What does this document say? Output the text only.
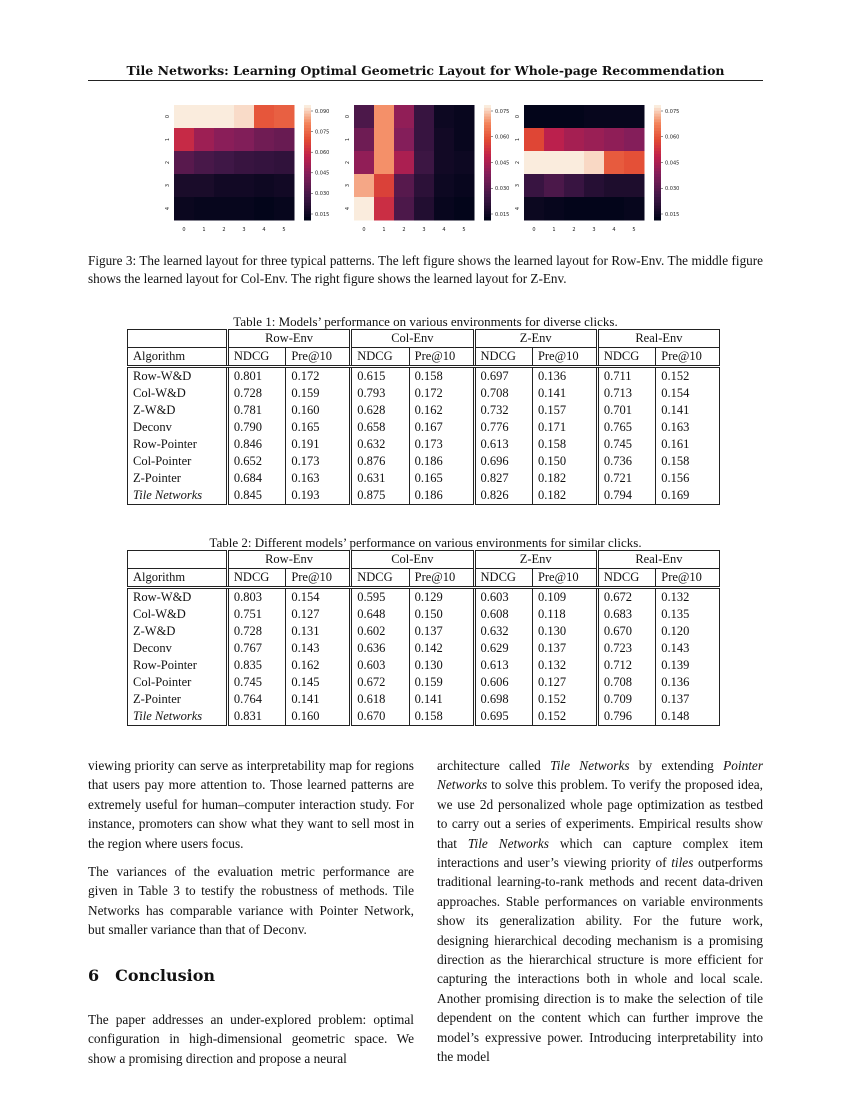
Tile Networks: Learning Optimal Geometric Layout for Whole-page Recommendation
0	1	2	3	4	5
0
1
2
3
4
0.090
0.075
0.060
0.045
0.030
0.015
0	1	2	3	4	5
0
1
2
3
4
0.075
0.060
0.045
0.030
0.015
0	1	2	3	4	5
0
1
2
3
4
0.075
0.060
0.045
0.030
0.015
Figure 3: The learned layout for three typical patterns. The left figure shows the learned layout for Row-Env. The middle figure shows the learned layout for Col-Env. The right figure shows the learned layout for Z-Env.
Table 1: Models’ performance on various environments for diverse clicks.
	Row-Env		Col-Env		Z-Env		Real-Env	
Algorithm	NDCG	Pre@10	NDCG	Pre@10	NDCG	Pre@10	NDCG	Pre@10
Row-W&D	0.801	0.172	0.615	0.158	0.697	0.136	0.711	0.152
Col-W&D	0.728	0.159	0.793	0.172	0.708	0.141	0.713	0.154
Z-W&D	0.781	0.160	0.628	0.162	0.732	0.157	0.701	0.141
Deconv	0.790	0.165	0.658	0.167	0.776	0.171	0.765	0.163
Row-Pointer	0.846	0.191	0.632	0.173	0.613	0.158	0.745	0.161
Col-Pointer	0.652	0.173	0.876	0.186	0.696	0.150	0.736	0.158
Z-Pointer	0.684	0.163	0.631	0.165	0.827	0.182	0.721	0.156
Tile Networks	0.845	0.193	0.875	0.186	0.826	0.182	0.794	0.169
Table 2: Different models’ performance on various environments for similar clicks.
	Row-Env		Col-Env		Z-Env		Real-Env	
Algorithm	NDCG	Pre@10	NDCG	Pre@10	NDCG	Pre@10	NDCG	Pre@10
Row-W&D	0.803	0.154	0.595	0.129	0.603	0.109	0.672	0.132
Col-W&D	0.751	0.127	0.648	0.150	0.608	0.118	0.683	0.135
Z-W&D	0.728	0.131	0.602	0.137	0.632	0.130	0.670	0.120
Deconv	0.767	0.143	0.636	0.142	0.629	0.137	0.723	0.143
Row-Pointer	0.835	0.162	0.603	0.130	0.613	0.132	0.712	0.139
Col-Pointer	0.745	0.145	0.672	0.159	0.606	0.127	0.708	0.136
Z-Pointer	0.764	0.141	0.618	0.141	0.698	0.152	0.709	0.137
Tile Networks	0.831	0.160	0.670	0.158	0.695	0.152	0.796	0.148

viewing priority can serve as interpretability map for regions that users pay more attention to. Those learned patterns are extremely useful for human–computer interaction study. For instance, promoters can show what they want to sell most in the region where users focus.

The variances of the evaluation metric performance are given in Table 3 to testify the robustness of methods. Tile Networks has comparable variance with Pointer Network, but smaller variance than that of Deconv.

6 Conclusion

The paper addresses an under-explored problem: optimal configuration in high-dimensional geometric space. We show a promising direction and propose a neural

architecture called Tile Networks by extending Pointer Networks to solve this problem. To verify the proposed idea, we use 2d personalized whole page optimization as testbed to carry out a series of experiments. Empirical results show that Tile Networks which can capture complex item interactions and user’s viewing priority of tiles outperforms traditional learning-to-rank methods and recent data-driven approaches. Stable performances on variable environments show its generalization ability. For the future work, designing hierarchical decoding mechanism is a promising direction as the hierarchical structure is more efficient for capturing the interactions both in whole and local scale. Another promising direction is to make the selection of tile dependent on the content which can further improve the model’s expressive power. Introducing interpretability into the model
